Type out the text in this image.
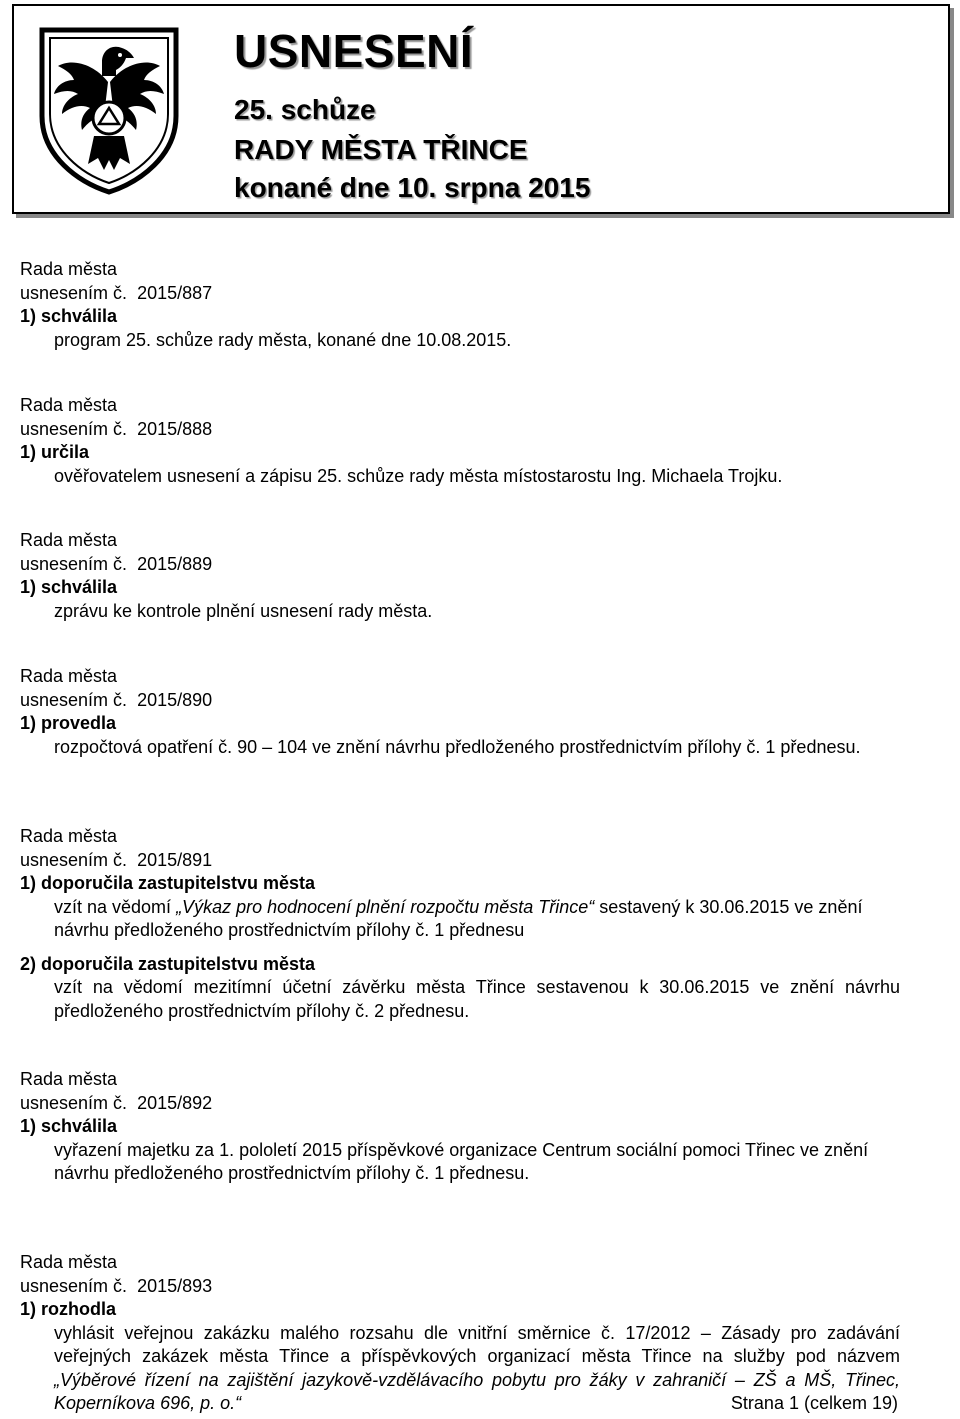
USNESENÍ
25. schůze
RADY MĚSTA TŘINCE
konané dne 10. srpna 2015
Rada města
usnesením č. 2015/887
1) schválila
program 25. schůze rady města, konané dne 10.08.2015.
Rada města
usnesením č. 2015/888
1) určila
ověřovatelem usnesení a zápisu 25. schůze rady města místostarostu Ing. Michaela Trojku.
Rada města
usnesením č. 2015/889
1) schválila
zprávu ke kontrole plnění usnesení rady města.
Rada města
usnesením č. 2015/890
1) provedla
rozpočtová opatření č. 90 – 104 ve znění návrhu předloženého prostřednictvím přílohy č. 1 přednesu.
Rada města
usnesením č. 2015/891
1) doporučila zastupitelstvu města
vzít na vědomí „Výkaz pro hodnocení plnění rozpočtu města Třince“ sestavený k 30.06.2015 ve znění návrhu předloženého prostřednictvím přílohy č. 1 přednesu
2) doporučila zastupitelstvu města
vzít na vědomí mezitímní účetní závěrku města Třince sestavenou k 30.06.2015 ve znění návrhu předloženého prostřednictvím přílohy č. 2 přednesu.
Rada města
usnesením č. 2015/892
1) schválila
vyřazení majetku za 1. pololetí 2015 příspěvkové organizace Centrum sociální pomoci Třinec ve znění návrhu předloženého prostřednictvím přílohy č. 1 přednesu.
Rada města
usnesením č. 2015/893
1) rozhodla
vyhlásit veřejnou zakázku malého rozsahu dle vnitřní směrnice č. 17/2012 – Zásady pro zadávání veřejných zakázek města Třince a příspěvkových organizací města Třince na služby pod názvem „Výběrové řízení na zajištění jazykově-vzdělávacího pobytu pro žáky v zahraničí – ZŠ a MŠ, Třinec, Koperníkova 696, p. o.“	Strana 1 (celkem 19)
